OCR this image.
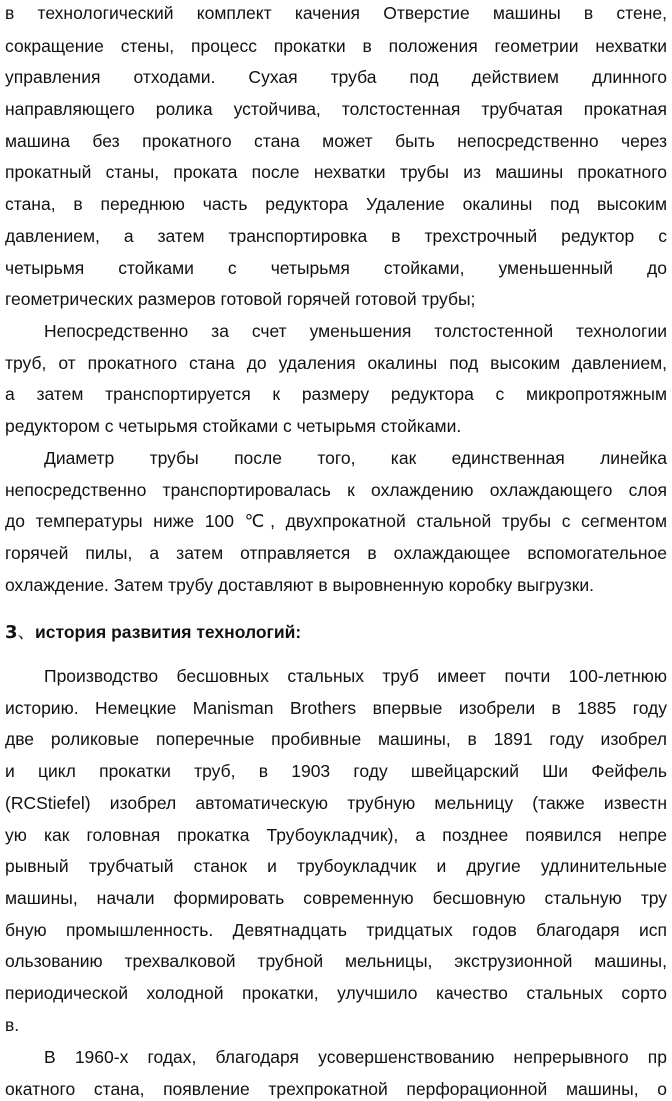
в технологический комплект качения Отверстие машины в стене,
сокращение стены, процесс прокатки в положения геометрии нехватки
управления отходами. Сухая труба под действием длинного
направляющего ролика устойчива, толстостенная трубчатая прокатная
машина без прокатного стана может быть непосредственно через
прокатный станы, проката после нехватки трубы из машины прокатного
стана, в переднюю часть редуктора Удаление окалины под высоким
давлением, а затем транспортировка в трехстрочный редуктор с
четырьмя стойками с четырьмя стойками, уменьшенный до
геометрических размеров готовой горячей готовой трубы;
Непосредственно за счет уменьшения толстостенной технологии
труб, от прокатного стана до удаления окалины под высоким давлением,
а затем транспортируется к размеру редуктора с микропротяжным
редуктором с четырьмя стойками с четырьмя стойками.
Диаметр трубы после того, как единственная линейка
непосредственно транспортировалась к охлаждению охлаждающего слоя
до температуры ниже 100 ℃, двухпрокатной стальной трубы с сегментом
горячей пилы, а затем отправляется в охлаждающее вспомогательное
охлаждение. Затем трубу доставляют в выровненную коробку выгрузки.
3、история развития технологий:
Производство бесшовных стальных труб имеет почти 100-летнюю
историю. Немецкие Manisman Brothers впервые изобрели в 1885 году
две роликовые поперечные пробивные машины, в 1891 году изобрел
и цикл прокатки труб, в 1903 году швейцарский Ши Фейфель
(RCStiefel) изобрел автоматическую трубную мельницу (также известн
ую как головная прокатка Трубоукладчик), а позднее появился непре
рывный трубчатый станок и трубоукладчик и другие удлинительные
машины, начали формировать современную бесшовную стальную тру
бную промышленность. Девятнадцать тридцатых годов благодаря исп
ользованию трехвалковой трубной мельницы, экструзионной машины,
периодической холодной прокатки, улучшило качество стальных сорто
в.
В 1960-х годах, благодаря усовершенствованию непрерывного пр
окатного стана, появление трехпрокатной перфорационной машины, о
